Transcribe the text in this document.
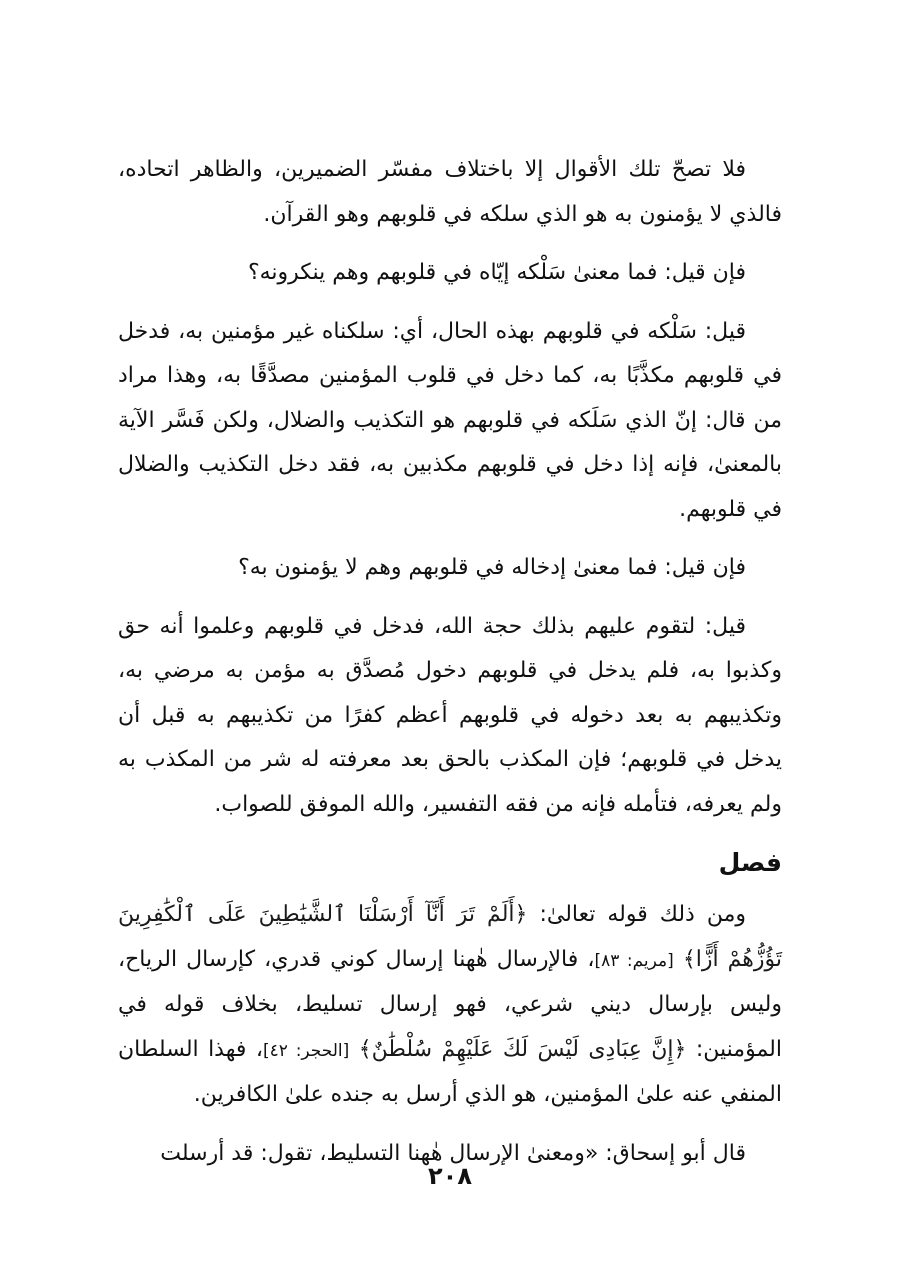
فلا تصحّ تلك الأقوال إلا باختلاف مفسّر الضميرين، والظاهر اتحاده، فالذي لا يؤمنون به هو الذي سلكه في قلوبهم وهو القرآن.

فإن قيل: فما معنىٰ سَلْكه إيّاه في قلوبهم وهم ينكرونه؟

قيل: سَلْكه في قلوبهم بهذه الحال، أي: سلكناه غير مؤمنين به، فدخل في قلوبهم مكذَّبًا به، كما دخل في قلوب المؤمنين مصدَّقًا به، وهذا مراد من قال: إنّ الذي سَلَكه في قلوبهم هو التكذيب والضلال، ولكن فَسَّر الآية بالمعنىٰ، فإنه إذا دخل في قلوبهم مكذبين به، فقد دخل التكذيب والضلال في قلوبهم.

فإن قيل: فما معنىٰ إدخاله في قلوبهم وهم لا يؤمنون به؟

قيل: لتقوم عليهم بذلك حجة الله، فدخل في قلوبهم وعلموا أنه حق وكذبوا به، فلم يدخل في قلوبهم دخول مُصدَّق به مؤمن به مرضي به، وتكذيبهم به بعد دخوله في قلوبهم أعظم كفرًا من تكذيبهم به قبل أن يدخل في قلوبهم؛ فإن المكذب بالحق بعد معرفته له شر من المكذب به ولم يعرفه، فتأمله فإنه من فقه التفسير، والله الموفق للصواب.

فصل

ومن ذلك قوله تعالىٰ: ﴿أَلَمْ تَرَ أَنَّآ أَرْسَلْنَا ٱلشَّيَٰطِينَ عَلَى ٱلْكَٰفِرِينَ تَؤُزُّهُمْ أَزًّا﴾ [مريم: ٨٣]، فالإرسال هٰهنا إرسال كوني قدري، كإرسال الرياح، وليس بإرسال ديني شرعي، فهو إرسال تسليط، بخلاف قوله في المؤمنين: ﴿إِنَّ عِبَادِى لَيْسَ لَكَ عَلَيْهِمْ سُلْطَٰنٌ﴾ [الحجر: ٤٢]، فهذا السلطان المنفي عنه علىٰ المؤمنين، هو الذي أرسل به جنده علىٰ الكافرين.

قال أبو إسحاق: «ومعنىٰ الإرسال هٰهنا التسليط، تقول: قد أرسلت

٢٠٨
